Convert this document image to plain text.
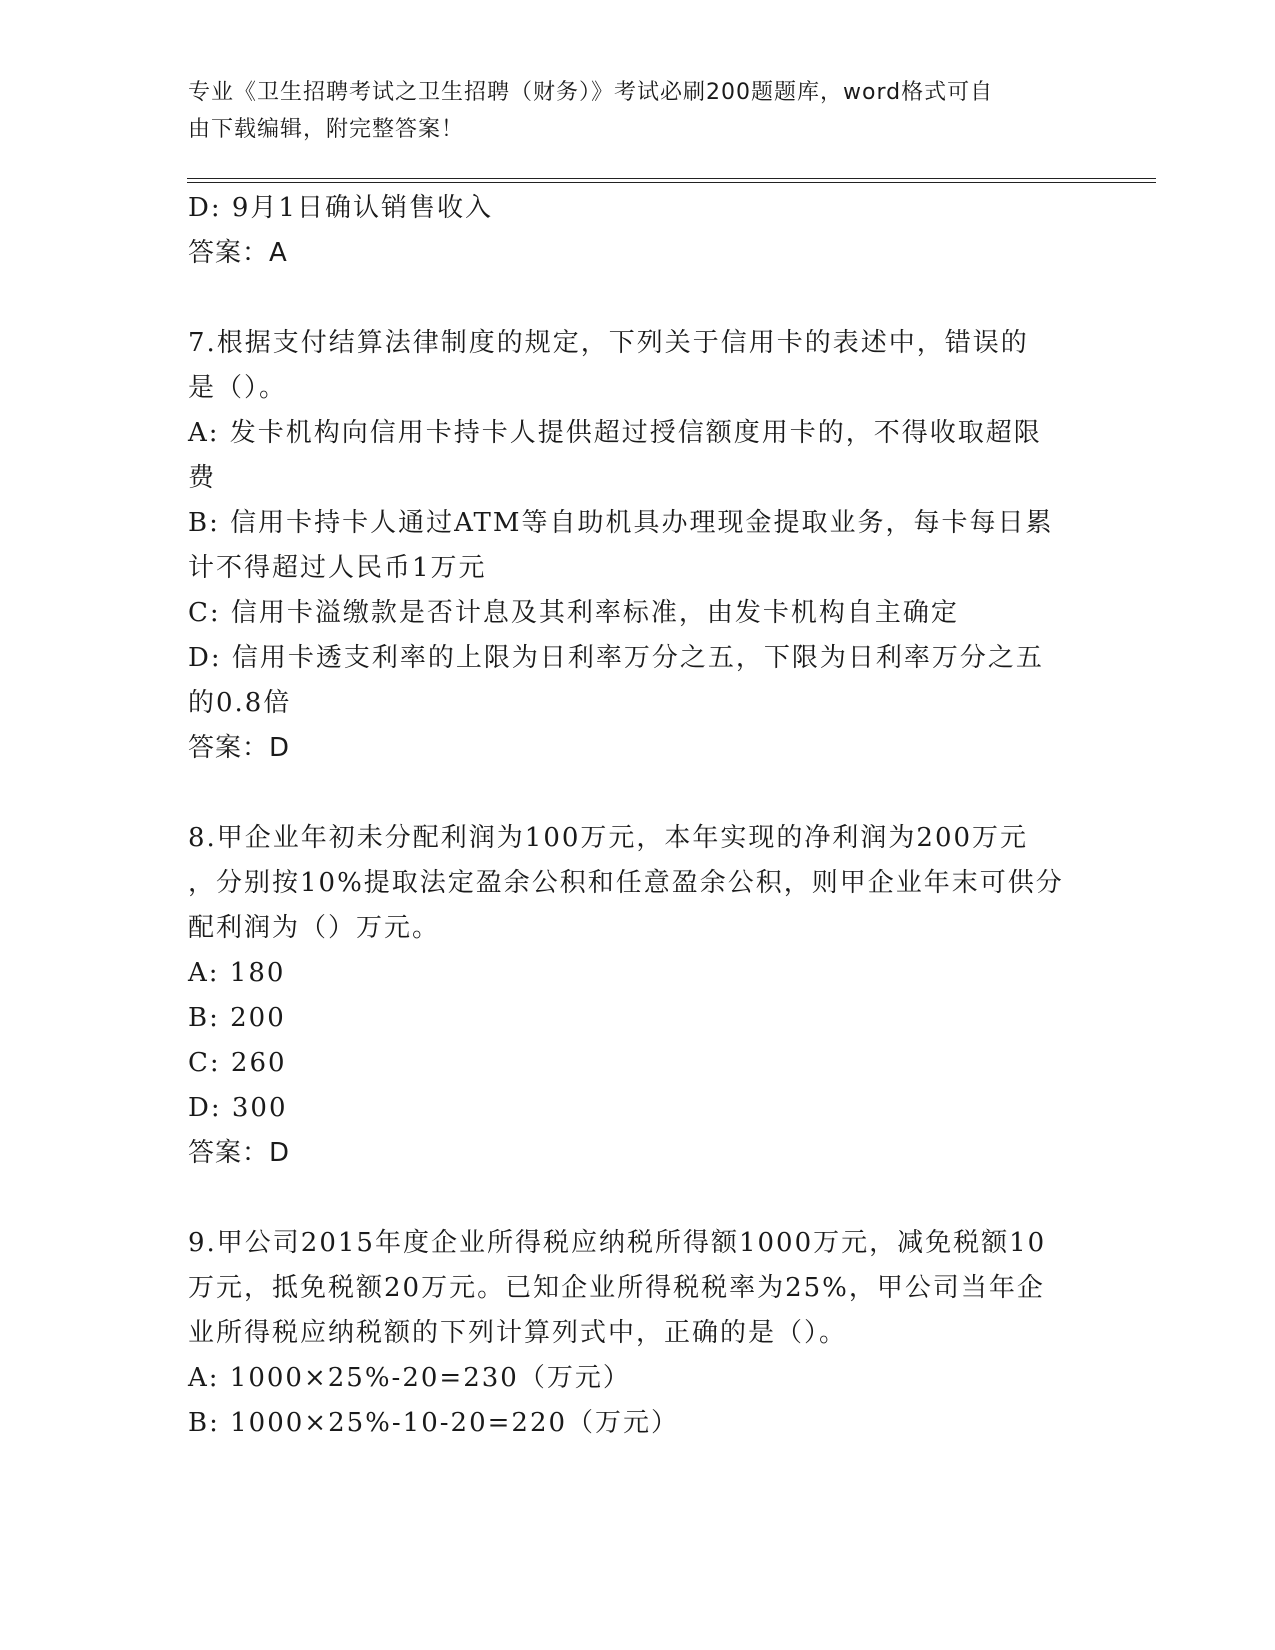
专业《卫生招聘考试之卫生招聘（财务）》考试必刷200题题库，word格式可自
由下载编辑，附完整答案！
D: 9月1日确认销售收入
答案：A
7.根据支付结算法律制度的规定，下列关于信用卡的表述中，错误的
是（）。
A: 发卡机构向信用卡持卡人提供超过授信额度用卡的，不得收取超限
费
B: 信用卡持卡人通过ATM等自助机具办理现金提取业务，每卡每日累
计不得超过人民币1万元
C: 信用卡溢缴款是否计息及其利率标准，由发卡机构自主确定
D: 信用卡透支利率的上限为日利率万分之五，下限为日利率万分之五
的0.8倍
答案：D
8.甲企业年初未分配利润为100万元，本年实现的净利润为200万元
，分别按10%提取法定盈余公积和任意盈余公积，则甲企业年末可供分
配利润为（）万元。
A: 180
B: 200
C: 260
D: 300
答案：D
9.甲公司2015年度企业所得税应纳税所得额1000万元，减免税额10
万元，抵免税额20万元。已知企业所得税税率为25%，甲公司当年企
业所得税应纳税额的下列计算列式中，正确的是（）。
A: 1000×25%-20=230（万元）
B: 1000×25%-10-20=220（万元）
